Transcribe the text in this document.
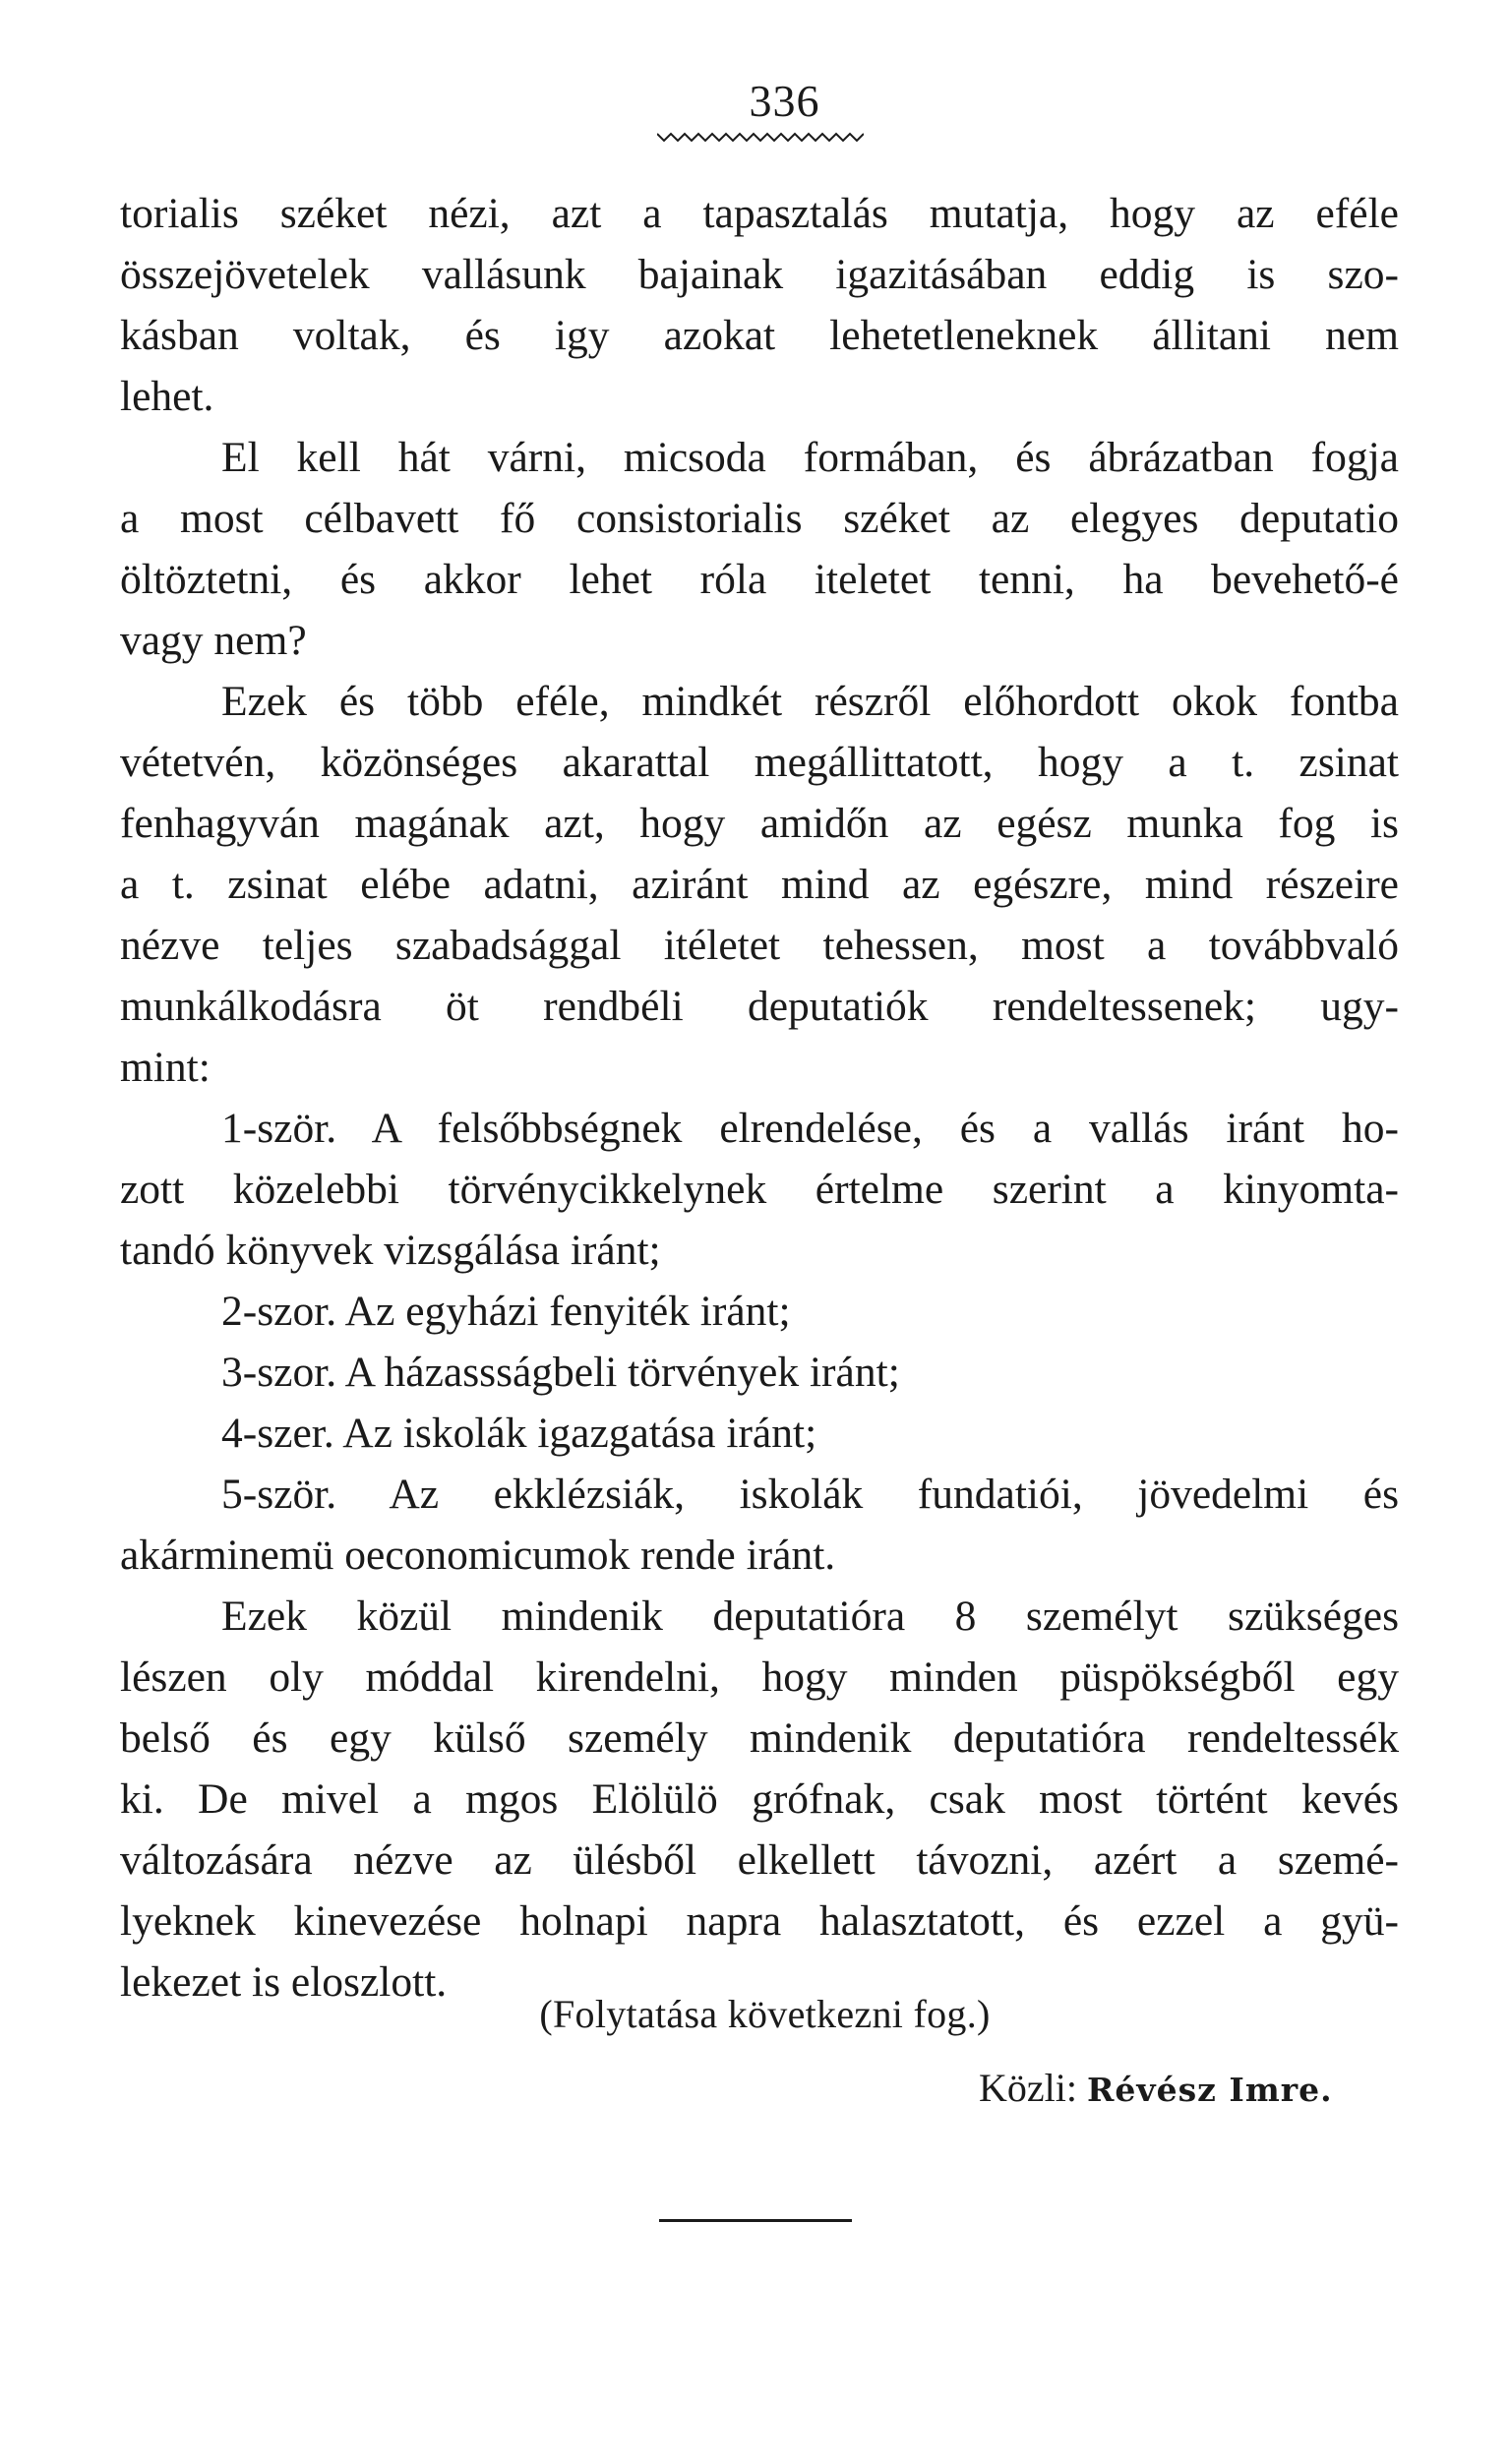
336
torialis széket nézi, azt a tapasztalás mutatja, hogy az eféle
összejövetelek vallásunk bajainak igazitásában eddig is szo-
kásban voltak, és igy azokat lehetetleneknek állitani nem
lehet.
El kell hát várni, micsoda formában, és ábrázatban fogja
a most célbavett fő consistorialis széket az elegyes deputatio
öltöztetni, és akkor lehet róla iteletet tenni, ha bevehető-é
vagy nem?
Ezek és több eféle, mindkét részről előhordott okok fontba
vétetvén, közönséges akarattal megállittatott, hogy a t. zsinat
fenhagyván magának azt, hogy amidőn az egész munka fog is
a t. zsinat elébe adatni, aziránt mind az egészre, mind részeire
nézve teljes szabadsággal itéletet tehessen, most a továbbvaló
munkálkodásra öt rendbéli deputatiók rendeltessenek; ugy-
mint:
1-ször. A felsőbbségnek elrendelése, és a vallás iránt ho-
zott közelebbi törvénycikkelynek értelme szerint a kinyomta-
tandó könyvek vizsgálása iránt;
2-szor. Az egyházi fenyiték iránt;
3-szor. A házassságbeli törvények iránt;
4-szer. Az iskolák igazgatása iránt;
5-ször. Az ekklézsiák, iskolák fundatiói, jövedelmi és
akárminemü oeconomicumok rende iránt.
Ezek közül mindenik deputatióra 8 személyt szükséges
lészen oly móddal kirendelni, hogy minden püspökségből egy
belső és egy külső személy mindenik deputatióra rendeltessék
ki. De mivel a mgos Elölülö grófnak, csak most történt kevés
változására nézve az ülésből elkellett távozni, azért a szemé-
lyeknek kinevezése holnapi napra halasztatott, és ezzel a gyü-
lekezet is eloszlott.
(Folytatása következni fog.)
Közli: Révész Imre.
